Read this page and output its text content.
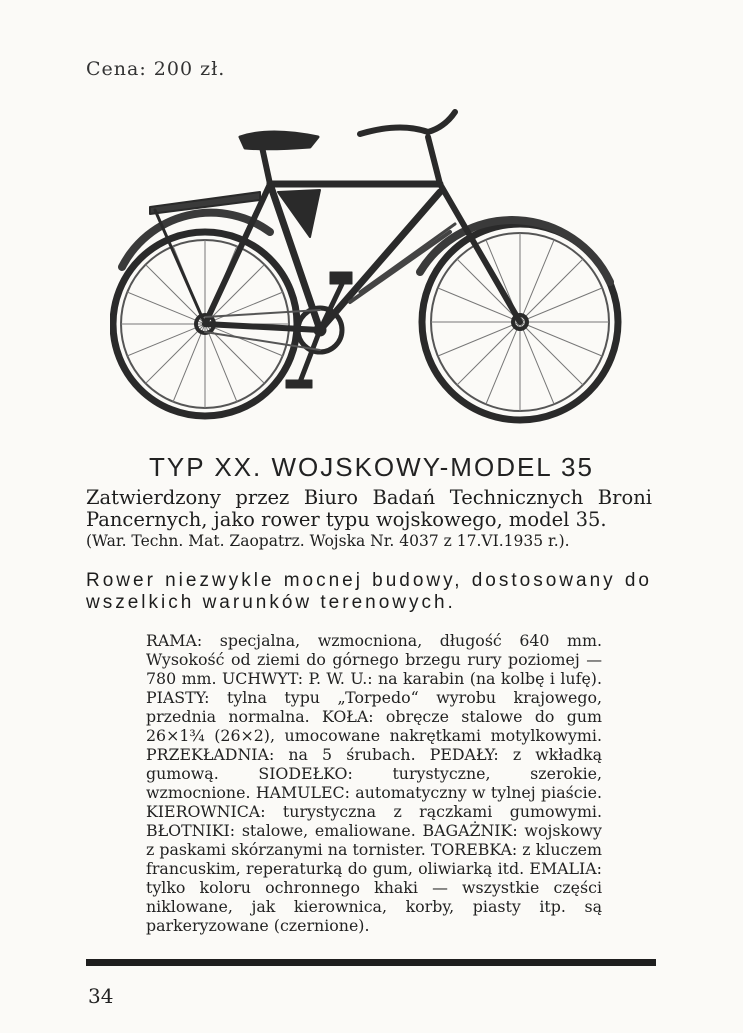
Cena: 200 zł.
TYP XX. WOJSKOWY-MODEL 35
Zatwierdzony przez Biuro Badań Technicznych Broni Pancernych, jako rower typu wojskowego, model 35.
(War. Techn. Mat. Zaopatrz. Wojska Nr. 4037 z 17.VI.1935 r.).
Rower niezwykle mocnej budowy, dostosowany do wszelkich warunków terenowych.
RAMA: specjalna, wzmocniona, długość 640 mm. Wysokość od ziemi do górnego brzegu rury poziomej — 780 mm. UCHWYT: P. W. U.: na karabin (na kolbę i lufę). PIASTY: tylna typu „Torpedo“ wyrobu krajowego, przednia normalna. KOŁA: obręcze stalowe do gum 26×1¾ (26×2), umocowane nakrętkami motylkowymi. PRZEKŁADNIA: na 5 śrubach. PEDAŁY: z wkładką gumową. SIODEŁKO: turystyczne, szerokie, wzmocnione. HAMULEC: automatyczny w tylnej piaście. KIEROWNICA: turystyczna z rączkami gumowymi. BŁOTNIKI: stalowe, emaliowane. BAGAŻNIK: wojskowy z paskami skórzanymi na tornister. TOREBKA: z kluczem francuskim, reperaturką do gum, oliwiarką itd. EMALIA: tylko koloru ochronnego khaki — wszystkie części niklowane, jak kierownica, korby, piasty itp. są parkeryzowane (czernione).
34
